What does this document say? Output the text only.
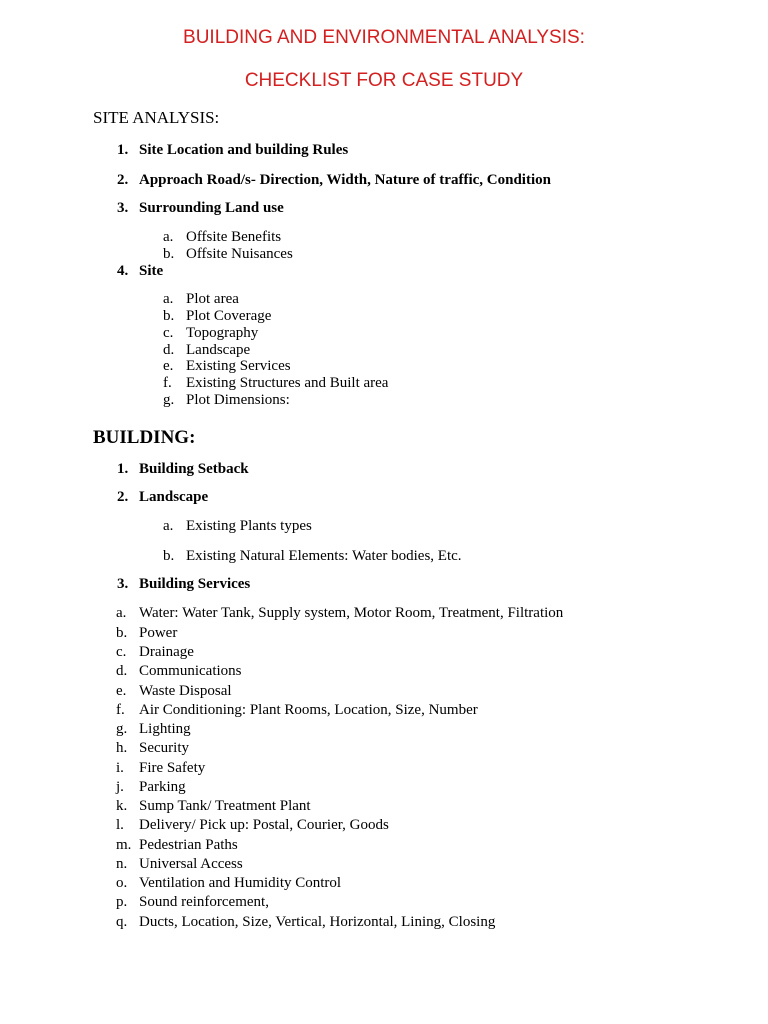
BUILDING AND ENVIRONMENTAL ANALYSIS:
CHECKLIST FOR CASE STUDY
SITE ANALYSIS:
1. Site Location and building Rules
2. Approach Road/s- Direction, Width, Nature of traffic, Condition
3. Surrounding Land use
a. Offsite Benefits
b. Offsite Nuisances
4. Site
a. Plot area
b. Plot Coverage
c. Topography
d. Landscape
e. Existing Services
f. Existing Structures and Built area
g. Plot Dimensions:
BUILDING:
1. Building Setback
2. Landscape
a. Existing Plants types
b. Existing Natural Elements: Water bodies, Etc.
3. Building Services
a. Water: Water Tank, Supply system, Motor Room, Treatment, Filtration
b. Power
c. Drainage
d. Communications
e. Waste Disposal
f. Air Conditioning: Plant Rooms, Location, Size, Number
g. Lighting
h. Security
i. Fire Safety
j. Parking
k. Sump Tank/ Treatment Plant
l. Delivery/ Pick up: Postal, Courier, Goods
m. Pedestrian Paths
n. Universal Access
o. Ventilation and Humidity Control
p. Sound reinforcement,
q. Ducts, Location, Size, Vertical, Horizontal, Lining, Closing
